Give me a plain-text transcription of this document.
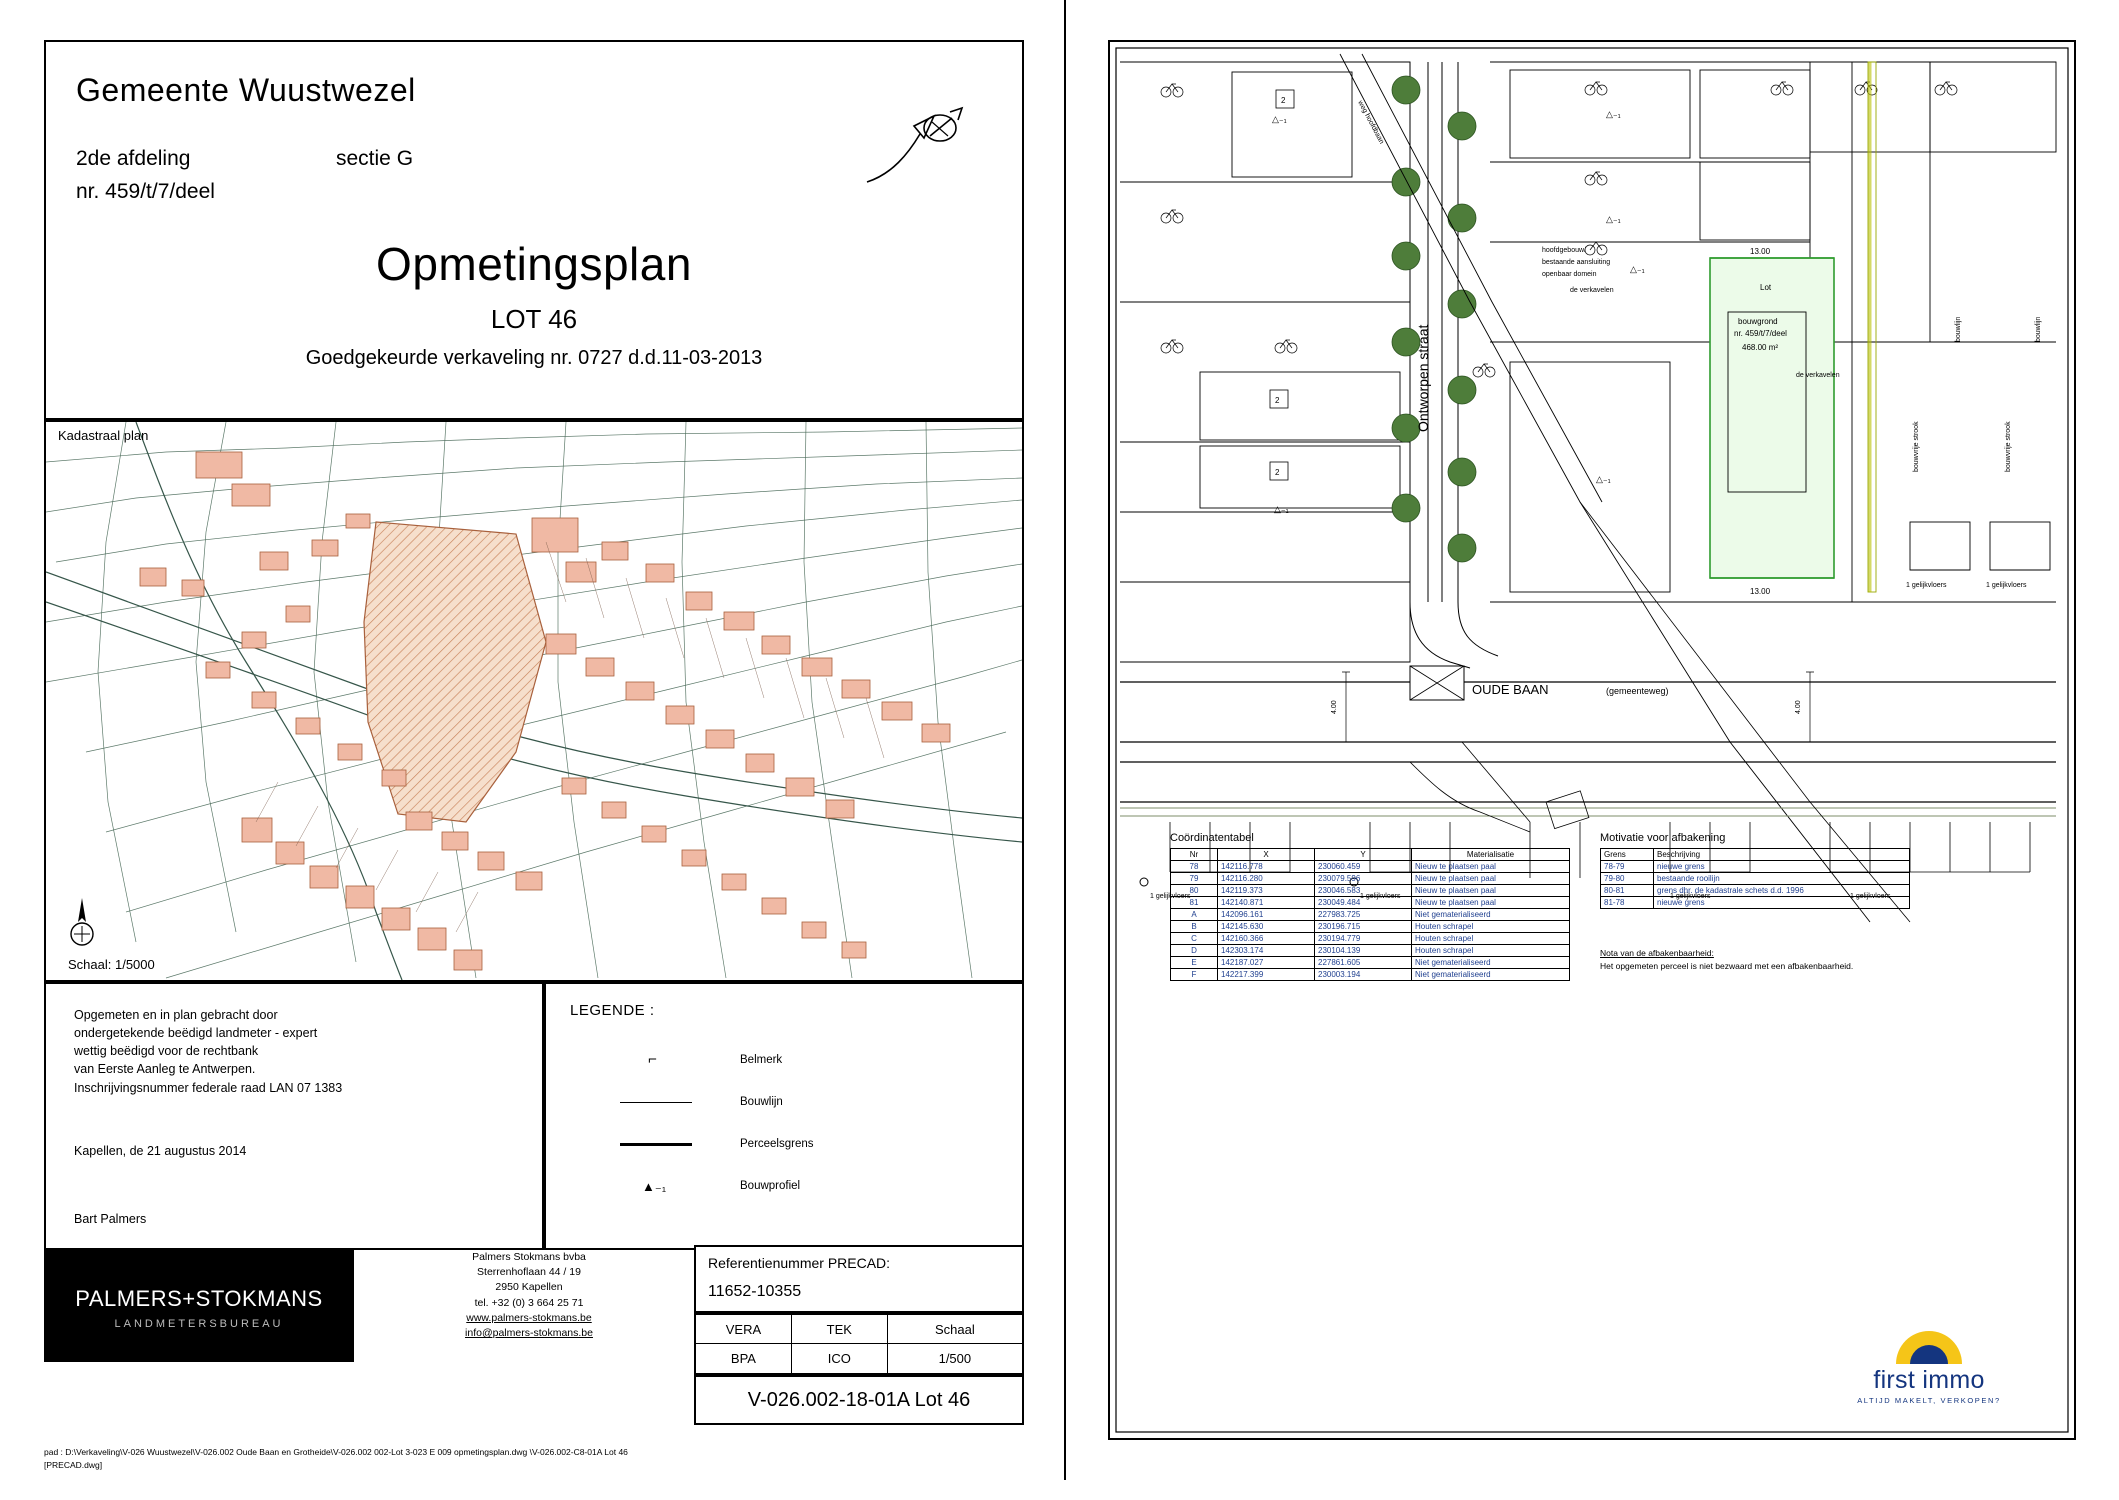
Gemeente Wuustwezel
2de afdeling
nr. 459/t/7/deel
sectie G
Opmetingsplan
LOT 46
Goedgekeurde verkaveling nr. 0727 d.d.11-03-2013
Kadastraal plan
Schaal: 1/5000
Opgemeten en in plan gebracht door
ondergetekende beëdigd landmeter - expert
wettig beëdigd voor de rechtbank
van Eerste Aanleg te Antwerpen.
Inschrijvingsnummer federale raad LAN 07 1383
Kapellen, de 21 augustus 2014
Bart Palmers
LEGENDE :
⌐	Belmerk
Bouwlijn
Perceelsgrens
▲₋₁	Bouwprofiel
PALMERS+STOKMANS
LANDMETERSBUREAU
Palmers Stokmans bvba
Sterrenhoflaan 44 / 19
2950 Kapellen
tel. +32 (0) 3 664 25 71
www.palmers-stokmans.be
info@palmers-stokmans.be
Referentienummer PRECAD:
11652-10355
VERA	TEK	Schaal
BPA	ICO	1/500
V-026.002-18-01A Lot 46
pad : D:\Verkaveling\V-026 Wuustwezel\V-026.002 Oude Baan en Grotheide\V-026.002 002-Lot 3-023 E 009 opmetingsplan.dwg \V-026.002-C8-01A Lot 46
[PRECAD.dwg]
2
2
2
△₋₁
△₋₁
△₋₁
△₋₁
△₋₁
△₋₁
Ontworpen straat
weg hoofdbaan
Lot
bouwgrond
nr. 459/t/7/deel
468.00 m²
13.00
13.00
1 gelijkvloers	1 gelijkvloers
bouwvrije strook	bouwvrije strook
bouwlijn	bouwlijn
de verkavelen
de verkavelen
hoofdgebouw/
bestaande aansluiting
openbaar domein
OUDE BAAN	(gemeenteweg)
1 gelijkvloers	1 gelijkvloers	1 gelijkvloers	1 gelijkvloers
4.00	4.00
Coördinatentabel
Nr	X	Y	Materialisatie
78	142116.778	230060.459	Nieuw te plaatsen paal
79	142116.280	230079.596	Nieuw te plaatsen paal
80	142119.373	230046.583	Nieuw te plaatsen paal
81	142140.871	230049.484	Nieuw te plaatsen paal
A	142096.161	227983.725	Niet gematerialiseerd
B	142145.630	230196.715	Houten schrapel
C	142160.366	230194.779	Houten schrapel
D	142303.174	230104.139	Houten schrapel
E	142187.027	227861.605	Niet gematerialiseerd
F	142217.399	230003.194	Niet gematerialiseerd
Motivatie voor afbakening
Grens	Beschrijving
78-79	nieuwe grens
79-80	bestaande rooilijn
80-81	grens dhr. de kadastrale schets d.d. 1996
81-78	nieuwe grens
Nota van de afbakenbaarheid:
Het opgemeten perceel is niet bezwaard met een afbakenbaarheid.
first immo
ALTIJD MAKELT, VERKOPEN?
